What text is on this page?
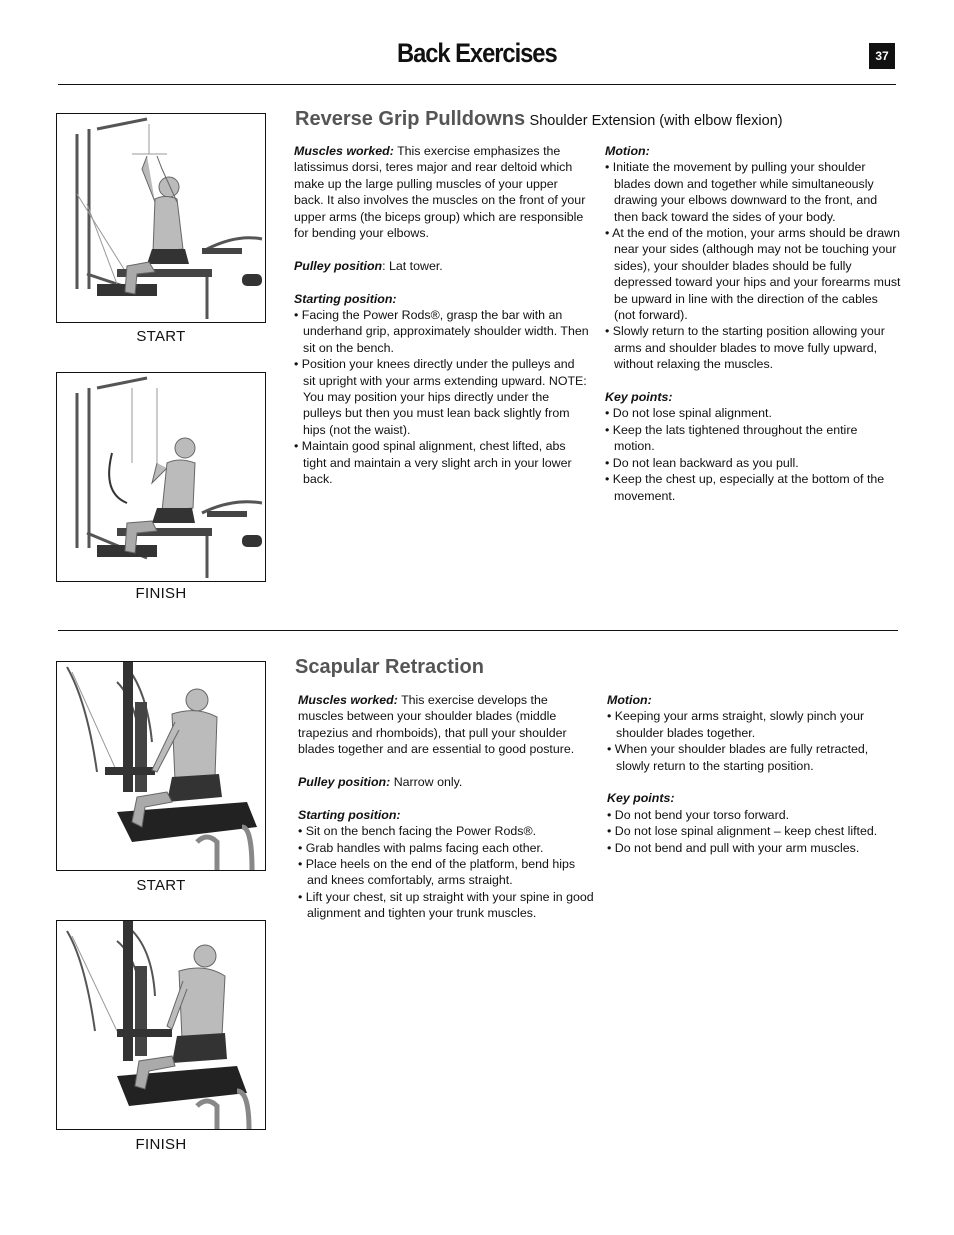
Back Exercises	37
START
FINISH
Reverse Grip Pulldowns Shoulder Extension (with elbow flexion)

Muscles worked: This exercise emphasizes the latissimus dorsi, teres major and rear deltoid which make up the large pulling muscles of your upper back. It also involves the muscles on the front of your upper arms (the biceps group) which are responsible for bending your elbows.

Pulley position: Lat tower.

Starting position:

• Facing the Power Rods®, grasp the bar with an underhand grip, approximately shoulder width. Then sit on the bench.

• Position your knees directly under the pulleys and sit upright with your arms extending upward. NOTE: You may position your hips directly under the pulleys but then you must lean back slightly from hips (not the waist).

• Maintain good spinal alignment, chest lifted, abs tight and maintain a very slight arch in your lower back.

Motion:

• Initiate the movement by pulling your shoulder blades down and together while simultaneously drawing your elbows downward to the front, and then back toward the sides of your body.

• At the end of the motion, your arms should be drawn near your sides (although may not be touching your sides), your shoulder blades should be fully depressed toward your hips and your forearms must be upward in line with the direction of the cables (not forward).

• Slowly return to the starting position allowing your arms and shoulder blades to move fully upward, without relaxing the muscles.

Key points:

• Do not lose spinal alignment.

• Keep the lats tightened throughout the entire motion.

• Do not lean backward as you pull.

• Keep the chest up, especially at the bottom of the movement.

START
FINISH
Scapular Retraction

Muscles worked: This exercise develops the muscles between your shoulder blades (middle trapezius and rhomboids), that pull your shoulder blades together and are essential to good posture.

Pulley position: Narrow only.

Starting position:

• Sit on the bench facing the Power Rods®.

• Grab handles with palms facing each other.

• Place heels on the end of the platform, bend hips and knees comfortably, arms straight.

• Lift your chest, sit up straight with your spine in good alignment and tighten your trunk muscles.

Motion:

• Keeping your arms straight, slowly pinch your shoulder blades together.

• When your shoulder blades are fully retracted, slowly return to the starting position.

Key points:

• Do not bend your torso forward.

• Do not lose spinal alignment – keep chest lifted.

• Do not bend and pull with your arm muscles.
